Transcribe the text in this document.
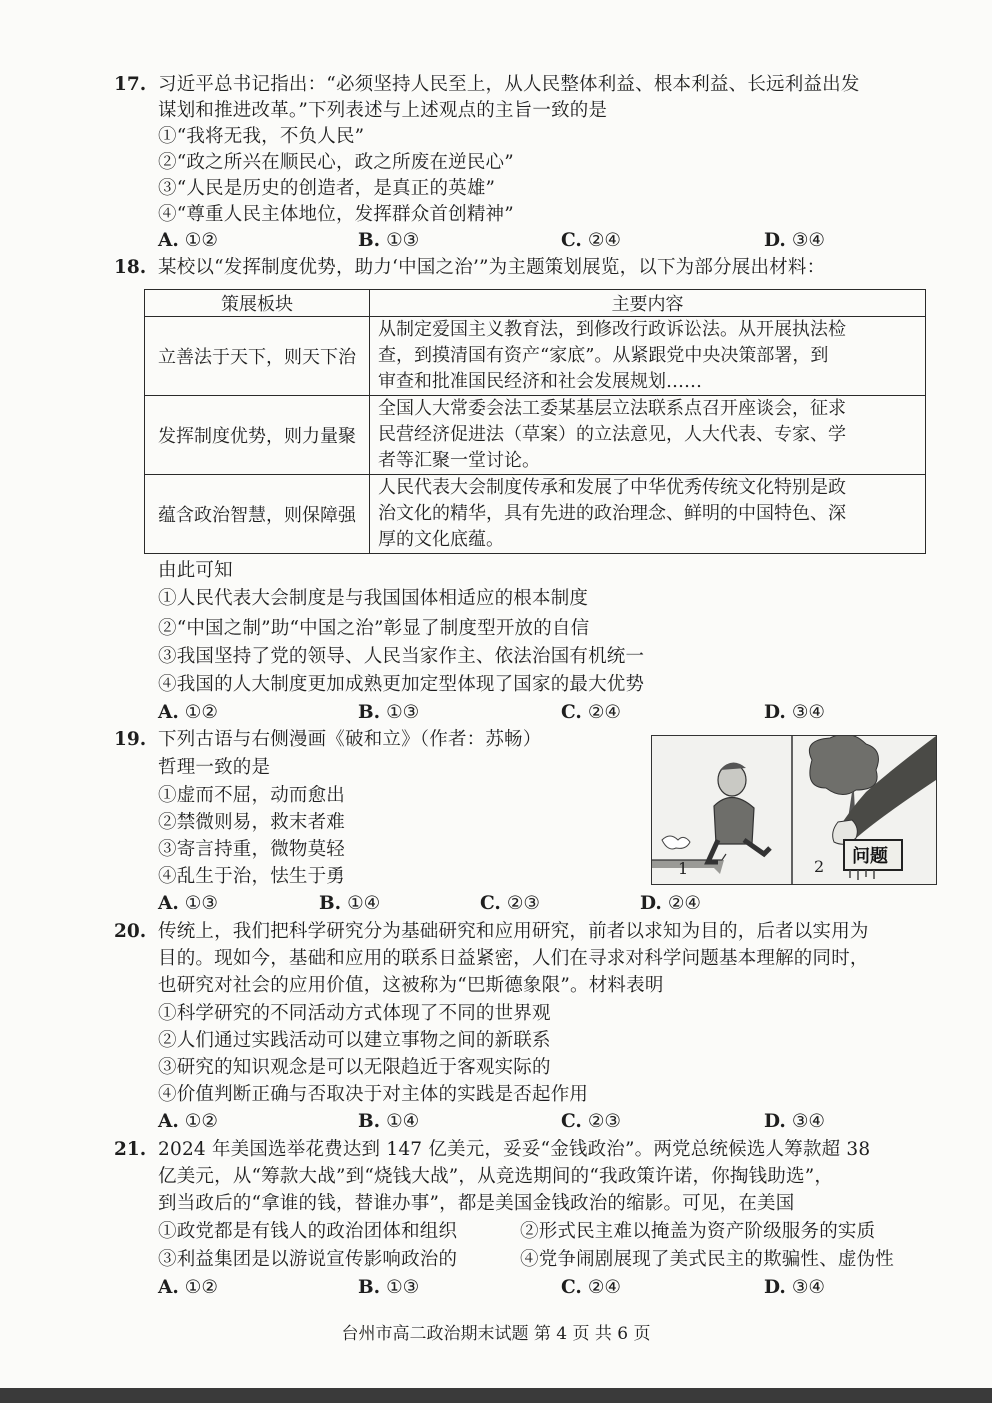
17. 习近平总书记指出：“必须坚持人民至上，从人民整体利益、根本利益、长远利益出发
谋划和推进改革。”下列表述与上述观点的主旨一致的是
①“我将无我，不负人民”
②“政之所兴在顺民心，政之所废在逆民心”
③“人民是历史的创造者，是真正的英雄”
④“尊重人民主体地位，发挥群众首创精神”
A. ①②	B. ①③	C. ②④	D. ③④
18. 某校以“发挥制度优势，助力‘中国之治’”为主题策划展览，以下为部分展出材料：
策展板块	主要内容
立善法于天下，则天下治	从制定爱国主义教育法，到修改行政诉讼法。从开展执法检
查，到摸清国有资产“家底”。从紧跟党中央决策部署，到
审查和批准国民经济和社会发展规划……

发挥制度优势，则力量聚	全国人大常委会法工委某基层立法联系点召开座谈会，征求
民营经济促进法（草案）的立法意见，人大代表、专家、学
者等汇聚一堂讨论。

蕴含政治智慧，则保障强	人民代表大会制度传承和发展了中华优秀传统文化特别是政
治文化的精华，具有先进的政治理念、鲜明的中国特色、深
厚的文化底蕴。
由此可知
①人民代表大会制度是与我国国体相适应的根本制度
②“中国之制”助“中国之治”彰显了制度型开放的自信
③我国坚持了党的领导、人民当家作主、依法治国有机统一
④我国的人大制度更加成熟更加定型体现了国家的最大优势
A. ①②	B. ①③	C. ②④	D. ③④
19. 下列古语与右侧漫画《破和立》（作者：苏畅）
哲理一致的是
①虚而不屈，动而愈出
②禁微则易，救末者难
③寄言持重，微物莫轻
④乱生于治，怯生于勇
A. ①③	B. ①④	C. ②③	D. ②④
1
问题
2
20. 传统上，我们把科学研究分为基础研究和应用研究，前者以求知为目的，后者以实用为
目的。现如今，基础和应用的联系日益紧密，人们在寻求对科学问题基本理解的同时，
也研究对社会的应用价值，这被称为“巴斯德象限”。材料表明
①科学研究的不同活动方式体现了不同的世界观
②人们通过实践活动可以建立事物之间的新联系
③研究的知识观念是可以无限趋近于客观实际的
④价值判断正确与否取决于对主体的实践是否起作用
A. ①②	B. ①④	C. ②③	D. ③④
21. 2024 年美国选举花费达到 147 亿美元，妥妥“金钱政治”。两党总统候选人筹款超 38
亿美元，从“筹款大战”到“烧钱大战”，从竞选期间的“我政策许诺，你掏钱助选”，
到当政后的“拿谁的钱，替谁办事”，都是美国金钱政治的缩影。可见，在美国
①政党都是有钱人的政治团体和组织	②形式民主难以掩盖为资产阶级服务的实质
③利益集团是以游说宣传影响政治的	④党争闹剧展现了美式民主的欺骗性、虚伪性
A. ①②	B. ①③	C. ②④	D. ③④
台州市高二政治期末试题 第 4 页 共 6 页
